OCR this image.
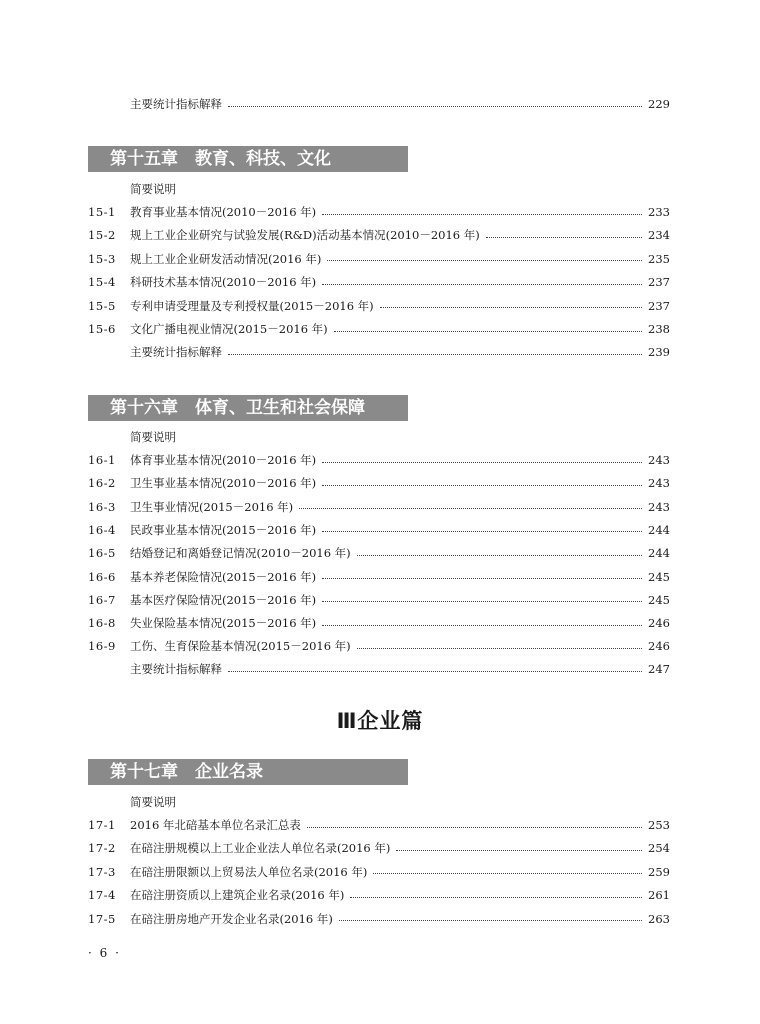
主要统计指标解释	229
第十五章　教育、科技、文化
简要说明
15-1	教育事业基本情况(2010－2016 年)	233
15-2	规上工业企业研究与试验发展(R&D)活动基本情况(2010－2016 年)	234
15-3	规上工业企业研发活动情况(2016 年)	235
15-4	科研技术基本情况(2010－2016 年)	237
15-5	专利申请受理量及专利授权量(2015－2016 年)	237
15-6	文化广播电视业情况(2015－2016 年)	238
主要统计指标解释	239
第十六章　体育、卫生和社会保障
简要说明
16-1	体育事业基本情况(2010－2016 年)	243
16-2	卫生事业基本情况(2010－2016 年)	243
16-3	卫生事业情况(2015－2016 年)	243
16-4	民政事业基本情况(2015－2016 年)	244
16-5	结婚登记和离婚登记情况(2010－2016 年)	244
16-6	基本养老保险情况(2015－2016 年)	245
16-7	基本医疗保险情况(2015－2016 年)	245
16-8	失业保险基本情况(2015－2016 年)	246
16-9	工伤、生育保险基本情况(2015－2016 年)	246
主要统计指标解释	247
Ⅲ企业篇
第十七章　企业名录
简要说明
17-1	2016 年北碚基本单位名录汇总表	253
17-2	在碚注册规模以上工业企业法人单位名录(2016 年)	254
17-3	在碚注册限额以上贸易法人单位名录(2016 年)	259
17-4	在碚注册资质以上建筑企业名录(2016 年)	261
17-5	在碚注册房地产开发企业名录(2016 年)	263
· 6 ·
